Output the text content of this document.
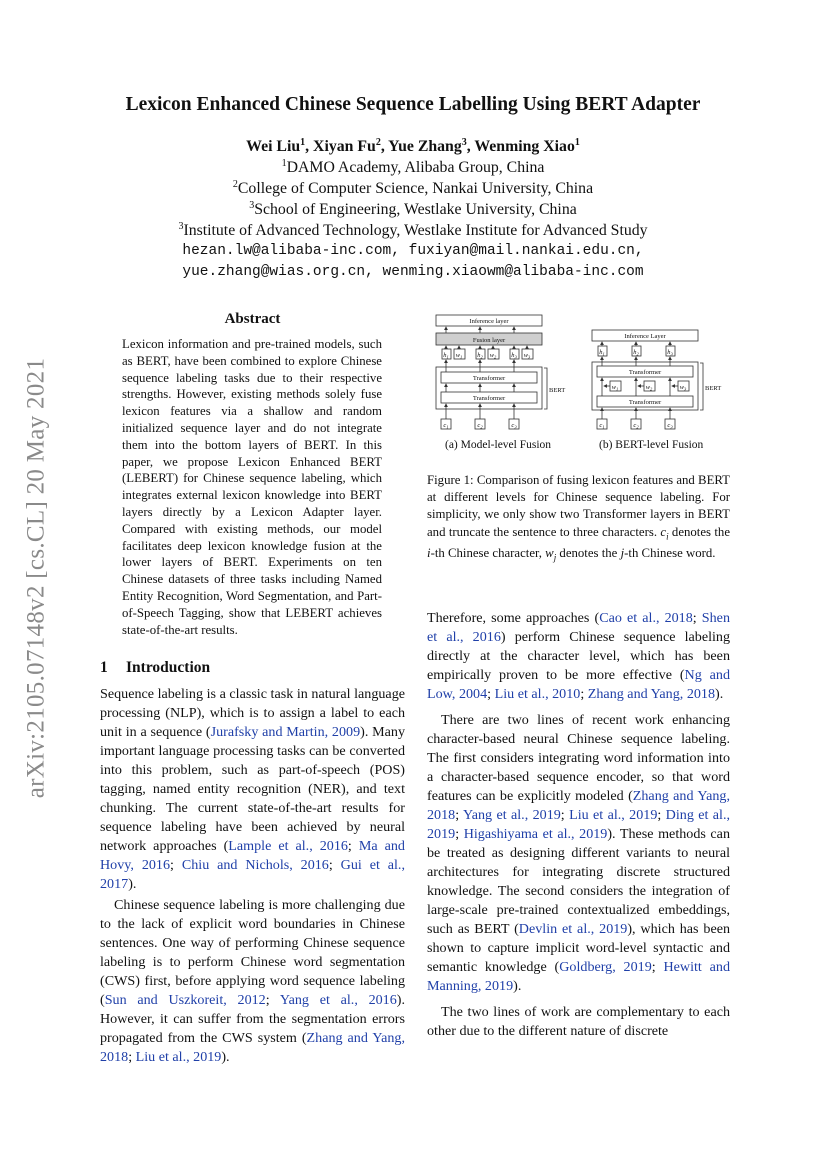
arXiv:2105.07148v2 [cs.CL] 20 May 2021
Lexicon Enhanced Chinese Sequence Labelling Using BERT Adapter
Wei Liu$^1$, Xiyan Fu$^2$, Yue Zhang$^3$, Wenming Xiao$^1$
$^1$DAMO Academy, Alibaba Group, China
$^2$College of Computer Science, Nankai University, China
$^3$School of Engineering, Westlake University, China
$^3$Institute of Advanced Technology, Westlake Institute for Advanced Study
hezan.lw@alibaba-inc.com, fuxiyan@mail.nankai.edu.cn,
yue.zhang@wias.org.cn, wenming.xiaowm@alibaba-inc.com
Abstract
Lexicon information and pre-trained models, such as BERT, have been combined to explore Chinese sequence labeling tasks due to their respective strengths. However, existing methods solely fuse lexicon features via a shallow and random initialized sequence layer and do not integrate them into the bottom layers of BERT. In this paper, we propose Lexicon Enhanced BERT (LEBERT) for Chinese sequence labeling, which integrates external lexicon knowledge into BERT layers directly by a Lexicon Adapter layer. Compared with existing methods, our model facilitates deep lexicon knowledge fusion at the lower layers of BERT. Experiments on ten Chinese datasets of three tasks including Named Entity Recognition, Word Segmentation, and Part-of-Speech Tagging, show that LEBERT achieves state-of-the-art results.
1 Introduction

Sequence labeling is a classic task in natural language processing (NLP), which is to assign a label to each unit in a sequence (Jurafsky and Martin, 2009). Many important language processing tasks can be converted into this problem, such as part-of-speech (POS) tagging, named entity recognition (NER), and text chunking. The current state-of-the-art results for sequence labeling have been achieved by neural network approaches (Lample et al., 2016; Ma and Hovy, 2016; Chiu and Nichols, 2016; Gui et al., 2017).

Chinese sequence labeling is more challenging due to the lack of explicit word boundaries in Chinese sentences. One way of performing Chinese sequence labeling is to perform Chinese word segmentation (CWS) first, before applying word sequence labeling (Sun and Uszkoreit, 2012; Yang et al., 2016). However, it can suffer from the segmentation errors propagated from the CWS system (Zhang and Yang, 2018; Liu et al., 2019).

Inference layer
Fusion layer
Transformer
Transformer
BERT
$h_1$ $w_1$ $h_2$ $w_2$ $h_3$ $w_3$
$c_1$	$c_2$	$c_3$
Inference Layer
Transformer
Transformer
BERT
$h_1$	$h_2$	$h_3$
$w_1$	$w_2$	$w_3$
$c_1$	$c_2$	$c_3$
(a) Model-level Fusion	(b) BERT-level Fusion
Figure 1: Comparison of fusing lexicon features and BERT at different levels for Chinese sequence labeling. For simplicity, we only show two Transformer layers in BERT and truncate the sentence to three characters. $c_i$ denotes the i-th Chinese character, $w_j$ denotes the j-th Chinese word.

Therefore, some approaches (Cao et al., 2018; Shen et al., 2016) perform Chinese sequence labeling directly at the character level, which has been empirically proven to be more effective (Ng and Low, 2004; Liu et al., 2010; Zhang and Yang, 2018).

There are two lines of recent work enhancing character-based neural Chinese sequence labeling. The first considers integrating word information into a character-based sequence encoder, so that word features can be explicitly modeled (Zhang and Yang, 2018; Yang et al., 2019; Liu et al., 2019; Ding et al., 2019; Higashiyama et al., 2019). These methods can be treated as designing different variants to neural architectures for integrating discrete structured knowledge. The second considers the integration of large-scale pre-trained contextualized embeddings, such as BERT (Devlin et al., 2019), which has been shown to capture implicit word-level syntactic and semantic knowledge (Goldberg, 2019; Hewitt and Manning, 2019).

The two lines of work are complementary to each other due to the different nature of discrete
